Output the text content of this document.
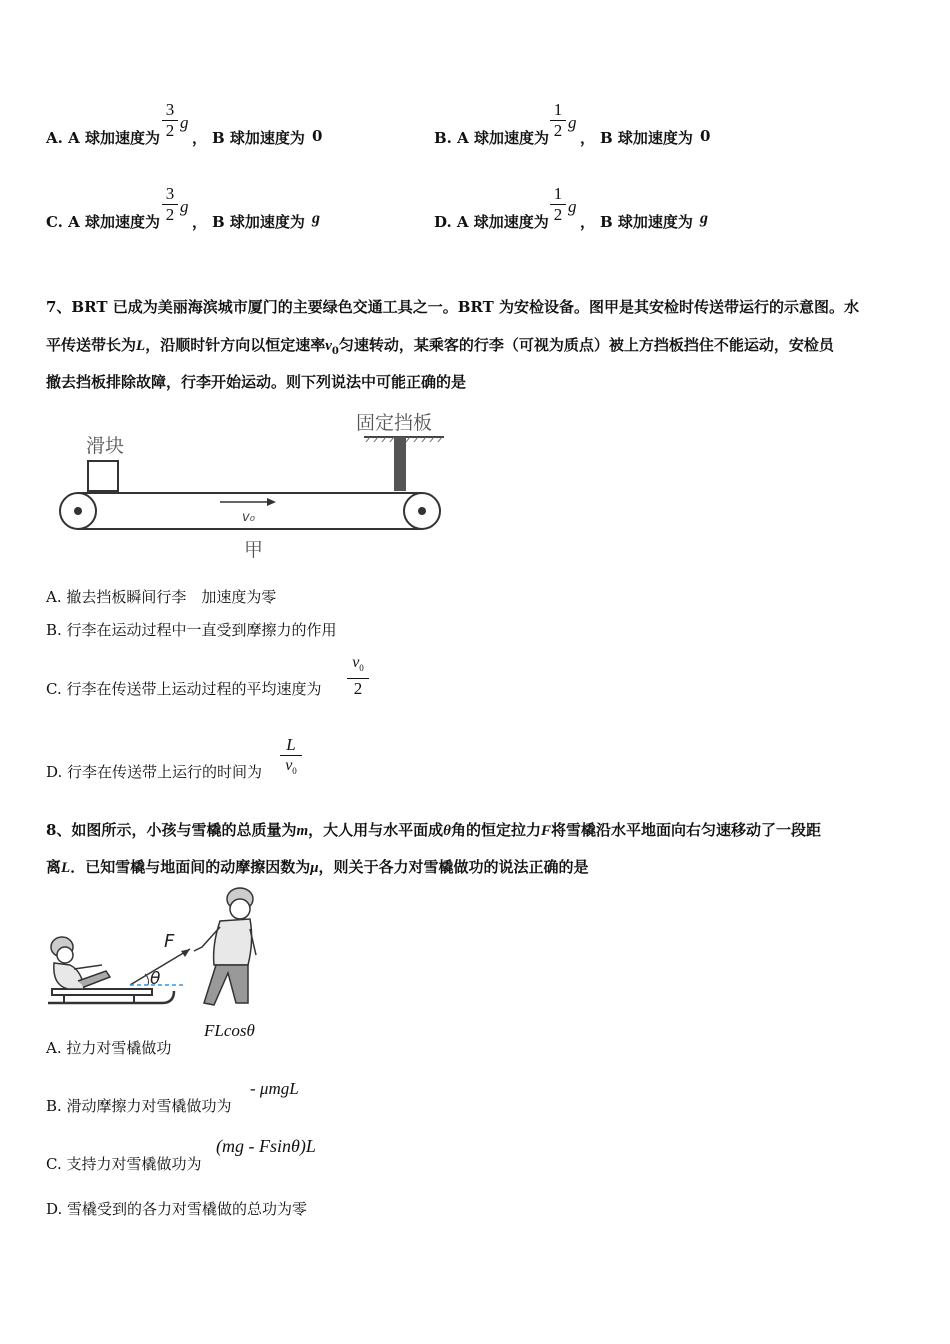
A. A 球加速度为
3
2 g
， B 球加速度为 0	B. A 球加速度为
1
2 g
， B 球加速度为 0
C. A 球加速度为
3
2 g
， B 球加速度为 g	D. A 球加速度为
1
2 g
， B 球加速度为 g
7、BRT 已成为美丽海滨城市厦门的主要绿色交通工具之一。BRT 为安检设备。图甲是其安检时传送带运行的示意图。水
平传送带长为L，沿顺时针方向以恒定速率$v_0$匀速转动，某乘客的行李（可视为质点）被上方挡板挡住不能运动，安检员
撤去挡板排除故障，行李开始运动。则下列说法中可能正确的是
滑块
固定挡板
v₀
甲
A. 撤去挡板瞬间行李　加速度为零
B. 行李在运动过程中一直受到摩擦力的作用
C. 行李在传送带上运动过程的平均速度为
$v_0$
2
D. 行李在传送带上运行的时间为
L
$v_0$
8、如图所示，小孩与雪橇的总质量为m，大人用与水平面成θ角的恒定拉力F将雪橇沿水平地面向右匀速移动了一段距
离L．已知雪橇与地面间的动摩擦因数为μ，则关于各力对雪橇做功的说法正确的是
F
θ
A. 拉力对雪橇做功
FLcosθ
B. 滑动摩擦力对雪橇做功为
- μmgL
C. 支持力对雪橇做功为
(mg - Fsinθ)L
D. 雪橇受到的各力对雪橇做的总功为零
